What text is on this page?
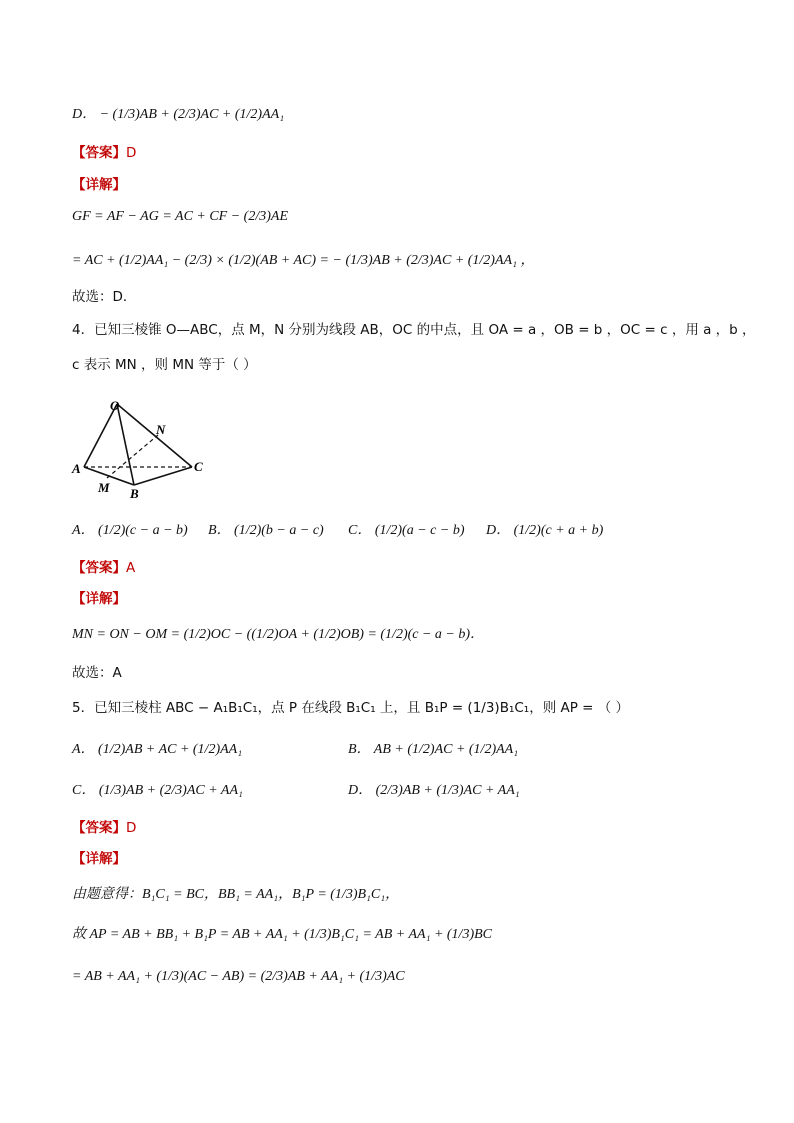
D． − (1/3)AB + (2/3)AC + (1/2)AA₁
【答案】D
【详解】
GF = AF − AG = AC + CF − (2/3)AE
= AC + (1/2)AA₁ − (2/3) × (1/2)(AB + AC) = − (1/3)AB + (2/3)AC + (1/2)AA₁ ，
故选：D．
4．已知三棱锥 O—ABC，点 M，N 分别为线段 AB，OC 的中点，且 OA = a ，OB = b ，OC = c ，用 a ，b ，
c 表示 MN ，则 MN 等于（ ）
O
N
A	C
M B
A． (1/2)(c − a − b) B． (1/2)(b − a − c) C． (1/2)(a − c − b) D． (1/2)(c + a + b)
【答案】A
【详解】
MN = ON − OM = (1/2)OC − ((1/2)OA + (1/2)OB) = (1/2)(c − a − b)．
故选：A
5．已知三棱柱 ABC − A₁B₁C₁，点 P 在线段 B₁C₁ 上，且 B₁P = (1/3)B₁C₁，则 AP = （ ）
A． (1/2)AB + AC + (1/2)AA₁	B． AB + (1/2)AC + (1/2)AA₁
C． (1/3)AB + (2/3)AC + AA₁	D． (2/3)AB + (1/3)AC + AA₁
【答案】D
【详解】
由题意得：B₁C₁ = BC，BB₁ = AA₁，B₁P = (1/3)B₁C₁，
故 AP = AB + BB₁ + B₁P = AB + AA₁ + (1/3)B₁C₁ = AB + AA₁ + (1/3)BC
= AB + AA₁ + (1/3)(AC − AB) = (2/3)AB + AA₁ + (1/3)AC
